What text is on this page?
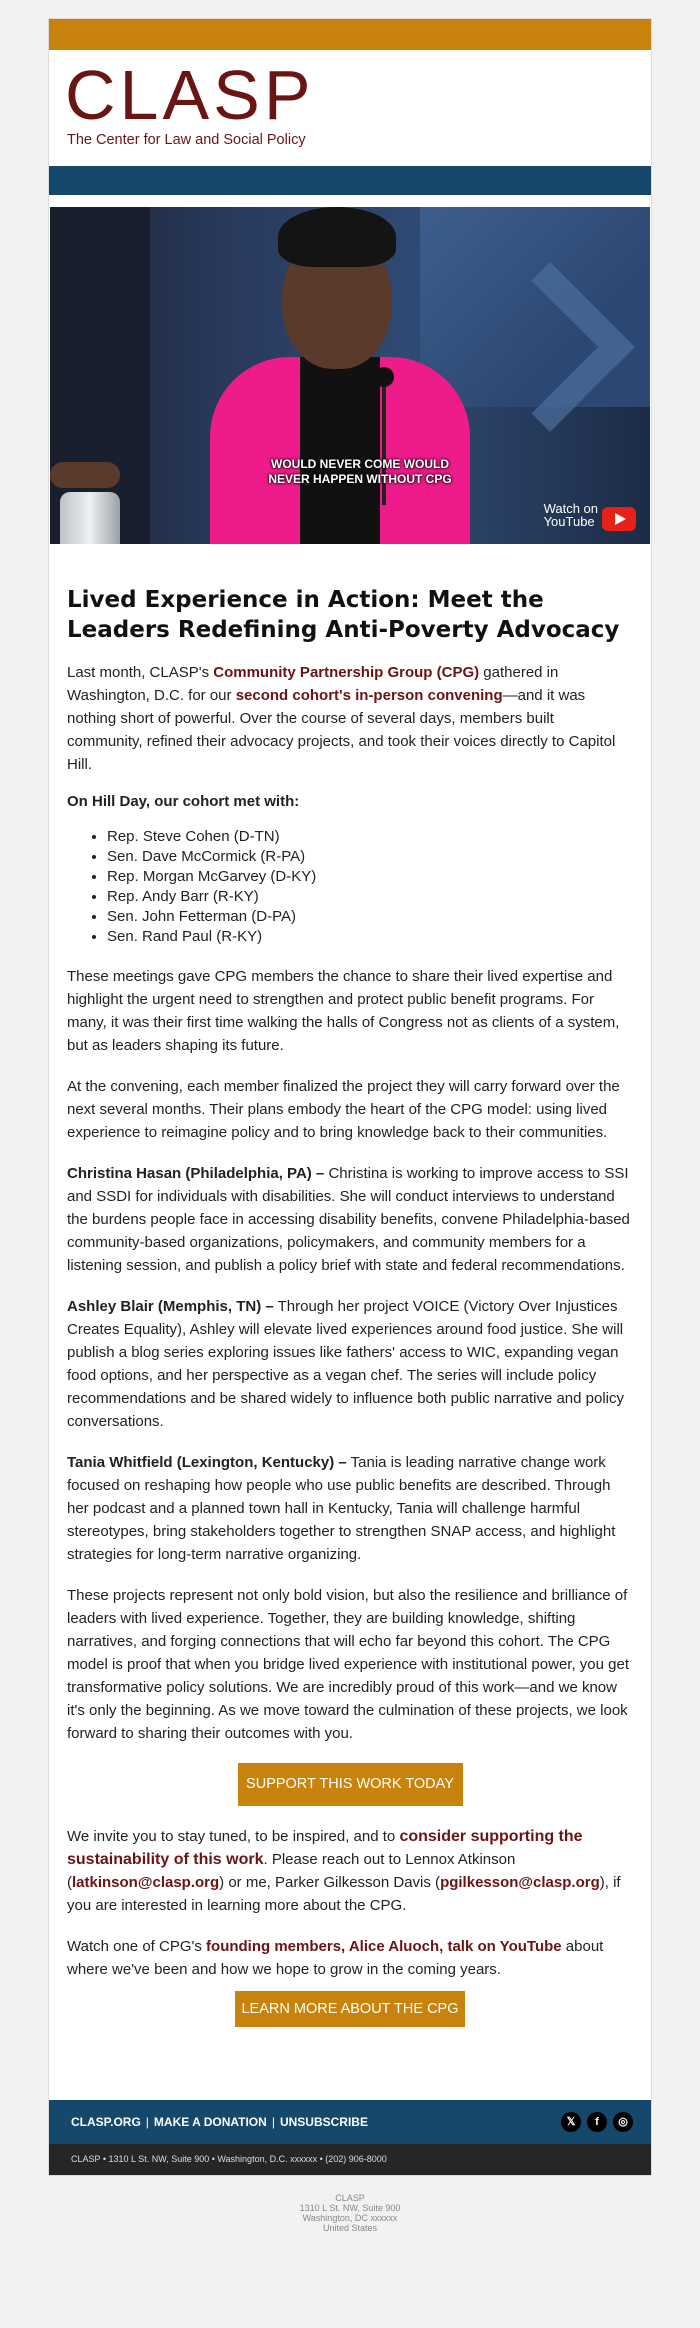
CLASP
The Center for Law and Social Policy
WOULD NEVER COME WOULD
NEVER HAPPEN WITHOUT CPG
Watch on
YouTube
Lived Experience in Action: Meet the Leaders Redefining Anti-Poverty Advocacy

Last month, CLASP's Community Partnership Group (CPG) gathered in Washington, D.C. for our second cohort's in-person convening—and it was nothing short of powerful. Over the course of several days, members built community, refined their advocacy projects, and took their voices directly to Capitol Hill.

On Hill Day, our cohort met with:

• Rep. Steve Cohen (D-TN)
• Sen. Dave McCormick (R-PA)
• Rep. Morgan McGarvey (D-KY)
• Rep. Andy Barr (R-KY)
• Sen. John Fetterman (D-PA)
• Sen. Rand Paul (R-KY)

These meetings gave CPG members the chance to share their lived expertise and highlight the urgent need to strengthen and protect public benefit programs. For many, it was their first time walking the halls of Congress not as clients of a system, but as leaders shaping its future.

At the convening, each member finalized the project they will carry forward over the next several months. Their plans embody the heart of the CPG model: using lived experience to reimagine policy and to bring knowledge back to their communities.

Christina Hasan (Philadelphia, PA) – Christina is working to improve access to SSI and SSDI for individuals with disabilities. She will conduct interviews to understand the burdens people face in accessing disability benefits, convene Philadelphia-based community-based organizations, policymakers, and community members for a listening session, and publish a policy brief with state and federal recommendations.

Ashley Blair (Memphis, TN) – Through her project VOICE (Victory Over Injustices Creates Equality), Ashley will elevate lived experiences around food justice. She will publish a blog series exploring issues like fathers' access to WIC, expanding vegan food options, and her perspective as a vegan chef. The series will include policy recommendations and be shared widely to influence both public narrative and policy conversations.

Tania Whitfield (Lexington, Kentucky) – Tania is leading narrative change work focused on reshaping how people who use public benefits are described. Through her podcast and a planned town hall in Kentucky, Tania will challenge harmful stereotypes, bring stakeholders together to strengthen SNAP access, and highlight strategies for long-term narrative organizing.

These projects represent not only bold vision, but also the resilience and brilliance of leaders with lived experience. Together, they are building knowledge, shifting narratives, and forging connections that will echo far beyond this cohort. The CPG model is proof that when you bridge lived experience with institutional power, you get transformative policy solutions. We are incredibly proud of this work—and we know it's only the beginning. As we move toward the culmination of these projects, we look forward to sharing their outcomes with you.

SUPPORT THIS WORK TODAY

We invite you to stay tuned, to be inspired, and to consider supporting the sustainability of this work. Please reach out to Lennox Atkinson (latkinson@clasp.org) or me, Parker Gilkesson Davis (pgilkesson@clasp.org), if you are interested in learning more about the CPG.

Watch one of CPG's founding members, Alice Aluoch, talk on YouTube about where we've been and how we hope to grow in the coming years.

LEARN MORE ABOUT THE CPG
CLASP.ORG | MAKE A DONATION | UNSUBSCRIBE	𝕏	f	◎
CLASP • 1310 L St. NW, Suite 900 • Washington, D.C. xxxxxx • (202) 906-8000
CLASP
1310 L St. NW, Suite 900
Washington, DC xxxxxx
United States
